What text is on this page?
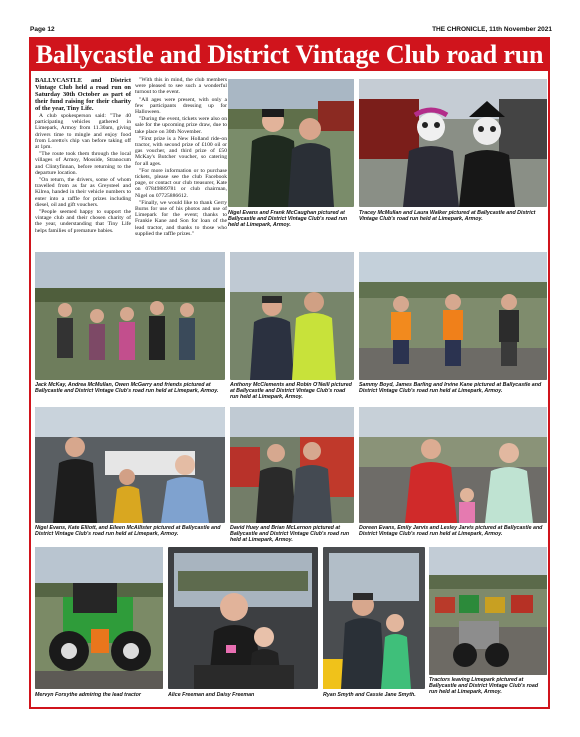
Page 12	THE CHRONICLE, 11th November 2021
Ballycastle and District Vintage Club road run

BALLYCASTLE and District Vintage Club held a road run on Saturday 30th October as part of their fund raising for their charity of the year, Tiny Life.

A club spokesperson said: "The 40 participating vehicles gathered in Limepark, Armoy from 11.30am, giving drivers time to mingle and enjoy food from Loretto's chip van before taking off at 1pm.

"The route took them through the local villages of Armoy, Mosside, Stranocum and Clintyfinnan, before returning to the departure location.

"On return, the drivers, some of whom travelled from as far as Greysteel and Kilrea, handed in their vehicle numbers to enter into a raffle for prizes including diesel, oil and gift vouchers.

"People seemed happy to support the vintage club and their chosen charity of the year, understanding that Tiny Life helps families of premature babies.

"With this in mind, the club members were pleased to see such a wonderful turnout to the event.

"All ages were present, with only a few participants dressing up for Halloween.

"During the event, tickets were also on sale for the upcoming prize draw, due to take place on 30th November.

"First prize is a New Holland ride-on tractor, with second prize of £100 oil or gas voucher, and third prize of £50 McKay's Butcher voucher, so catering for all ages.

"For more information or to purchase tickets, please see the club Facebook page, or contact our club treasurer, Kate on 07849889781 or club chairman, Nigel on 07725886612.

"Finally, we would like to thank Gerry Burns for use of his photos and use of Limepark for the event; thanks to Frankie Kane and Son for loan of the lead tractor, and thanks to those who supplied the raffle prizes."

Nigel Evans and Frank McCaughan pictured at Ballycastle and District Vintage Club's road run held at Limepark, Armoy.
Tracey McMullan and Laura Walker pictured at Ballycastle and District Vintage Club's road run held at Limepark, Armoy.
Jack McKay, Andrea McMullan, Owen McGarry and friends pictured at Ballycastle and District Vintage Club's road run held at Limepark, Armoy.
Anthony McClements and Robin O'Neill pictured at Ballycastle and District Vintage Club's road run held at Limepark, Armoy.
Sammy Boyd, James Barling and Irvine Kane pictured at Ballycastle and District Vintage Club's road run held at Limepark, Armoy.
Nigel Evans, Kate Elliott, and Eileen McAllister pictured at Ballycastle and District Vintage Club's road run held at Limepark, Armoy.
David Huey and Brian McLernon pictured at Ballycastle and District Vintage Club's road run held at Limepark, Armoy.
Doreen Evans, Emily Jarvis and Lesley Jarvis pictured at Ballycastle and District Vintage Club's road run held at Limepark, Armoy.
Mervyn Forsythe admiring the lead tractor	Alice Freeman and Daisy Freeman	Ryan Smyth and Cassie Jane Smyth.
Tractors leaving Limepark pictured at Ballycastle and District Vintage Club's road run held at Limepark, Armoy.
